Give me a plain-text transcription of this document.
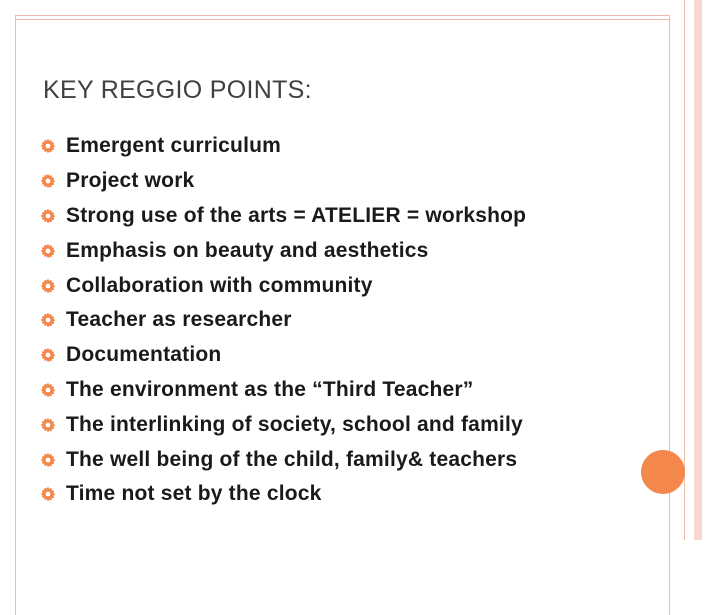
KEY REGGIO POINTS:
Emergent curriculum
Project work
Strong use of the arts = ATELIER = workshop
Emphasis on beauty and aesthetics
Collaboration with community
Teacher as researcher
Documentation
The environment as the “Third Teacher”
The interlinking of society, school and family
The well being of the child, family& teachers
Time not set by the clock
